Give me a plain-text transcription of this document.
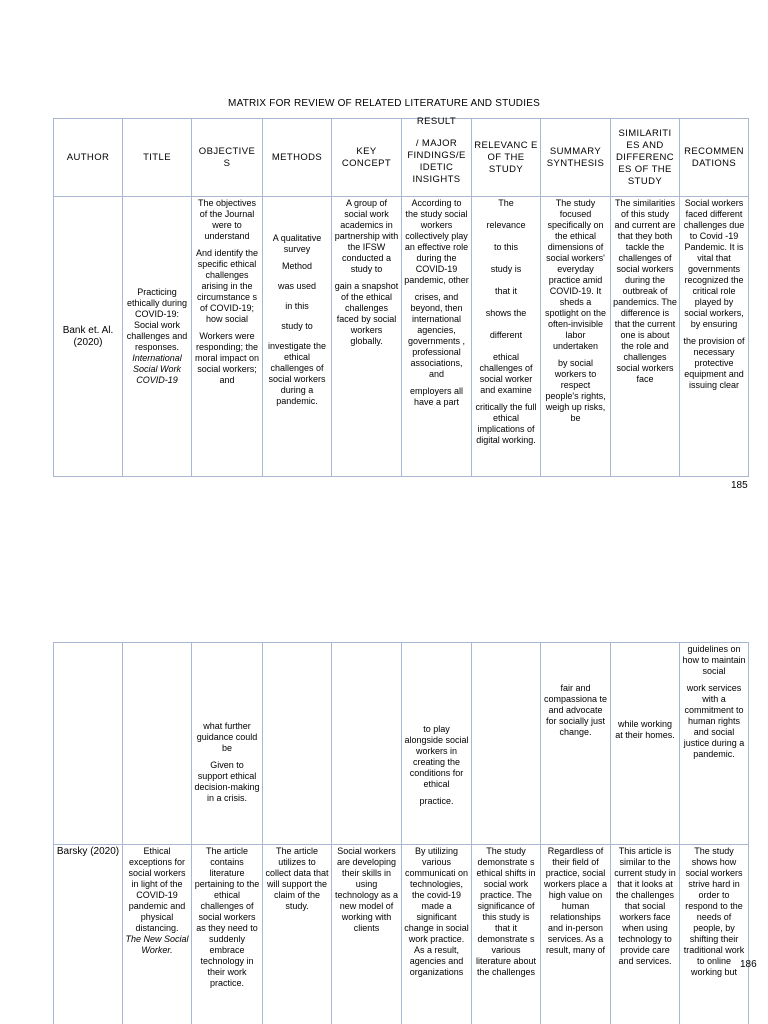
MATRIX FOR REVIEW OF RELATED LITERATURE AND STUDIES
AUTHOR	TITLE
OBJECTIVE S
METHODS
KEY CONCEPT
RESULT
/ MAJOR FINDINGS/E IDETIC INSIGHTS
RELEVANC E OF THE STUDY
SUMMARY SYNTHESIS
SIMILARITI ES AND DIFFERENC ES OF THE STUDY
RECOMMEN DATIONS
Bank et. Al. (2020)
Practicing ethically during COVID-19: Social work challenges and responses.
International Social Work COVID-19
The objectives of the Journal were to understand
And identify the specific ethical challenges arising in the circumstance s of COVID-19; how social
Workers were responding; the moral impact on social workers; and
A qualitative survey
Method
was used
in this
study to
investigate the ethical challenges of social workers during a pandemic.
A group of social work academics in partnership with the IFSW conducted a study to
gain a snapshot of the ethical challenges faced by social workers globally.
According to the study social workers collectively play an effective role during the COVID-19 pandemic, other
crises, and beyond, then international agencies, governments , professional associations, and
employers all have a part
The
relevance
to this
study is
that it
shows the
different
ethical challenges of social worker and examine
critically the full ethical implications of digital working.
The study focused specifically on the ethical dimensions of social workers' everyday practice amid COVID-19. It sheds a spotlight on the often-invisible labor undertaken
by social workers to respect people's rights, weigh up risks, be
The similarities of this study and current are that they both tackle the challenges of social workers during the outbreak of pandemics. The difference is that the current one is about the role and challenges social workers face
Social workers faced different challenges due to Covid -19 Pandemic. It is vital that governments recognized the critical role played by social workers, by ensuring
the provision of necessary protective equipment and issuing clear
185
what further guidance could be
Given to support ethical decision-making in a crisis.
to play alongside social workers in creating the conditions for ethical
practice.
fair and compassiona te and advocate for socially just change.
while working at their homes.
guidelines on how to maintain social
work services with a commitment to human rights and social justice during a pandemic.
Barsky (2020)	Ethical exceptions for social workers in light of the COVID-19 pandemic and physical distancing.
The New Social Worker.
The article contains literature pertaining to the ethical challenges of social workers as they need to suddenly embrace technology in their work practice.
The article utilizes to collect data that will support the claim of the study.
Social workers are developing their skills in using technology as a new model of working with clients
By utilizing various communicati on technologies, the covid-19 made a significant change in social work practice. As a result, agencies and organizations
The study demonstrate s ethical shifts in social work practice. The significance of this study is that it demonstrate s various literature about the challenges
Regardless of their field of practice, social workers place a high value on human relationships and in-person services. As a result, many of
This article is similar to the current study in that it looks at the challenges that social workers face when using technology to provide care and services.
The study shows how social workers strive hard in order to respond to the needs of people, by shifting their traditional work to online working but
186
